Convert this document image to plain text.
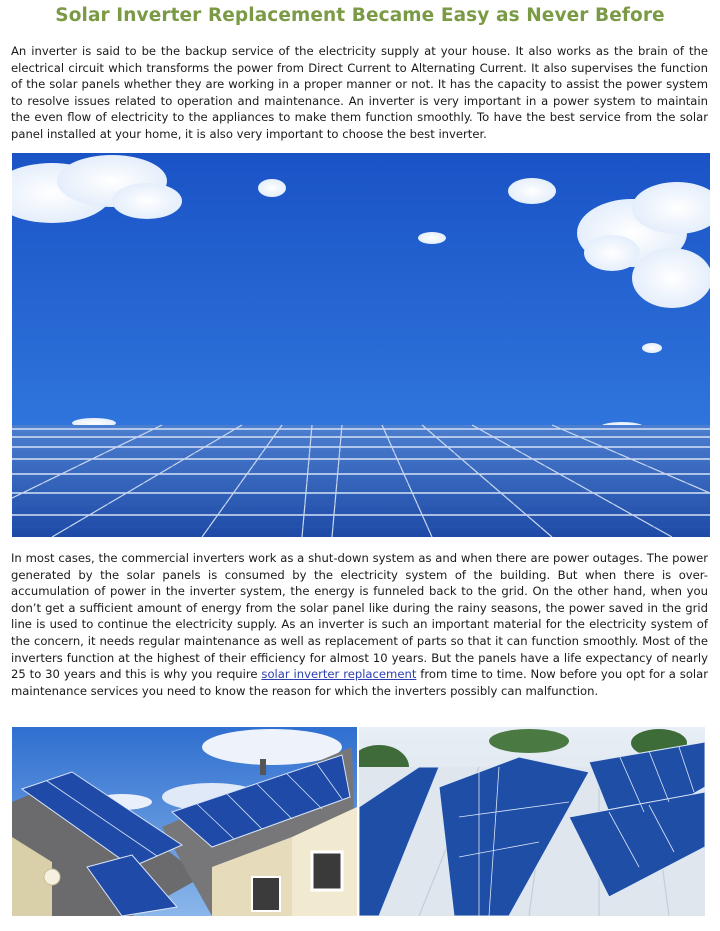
Solar Inverter Replacement Became Easy as Never Before

An inverter is said to be the backup service of the electricity supply at your house. It also works as the brain of the electrical circuit which transforms the power from Direct Current to Alternating Current. It also supervises the function of the solar panels whether they are working in a proper manner or not. It has the capacity to assist the power system to resolve issues related to operation and maintenance. An inverter is very important in a power system to maintain the even flow of electricity to the appliances to make them function smoothly. To have the best service from the solar panel installed at your home, it is also very important to choose the best inverter.

In most cases, the commercial inverters work as a shut-down system as and when there are power outages. The power generated by the solar panels is consumed by the electricity system of the building. But when there is over-accumulation of power in the inverter system, the energy is funneled back to the grid. On the other hand, when you don’t get a sufficient amount of energy from the solar panel like during the rainy seasons, the power saved in the grid line is used to continue the electricity supply. As an inverter is such an important material for the electricity system of the concern, it needs regular maintenance as well as replacement of parts so that it can function smoothly. Most of the inverters function at the highest of their efficiency for almost 10 years. But the panels have a life expectancy of nearly 25 to 30 years and this is why you require solar inverter replacement from time to time. Now before you opt for a solar maintenance services you need to know the reason for which the inverters possibly can malfunction.
